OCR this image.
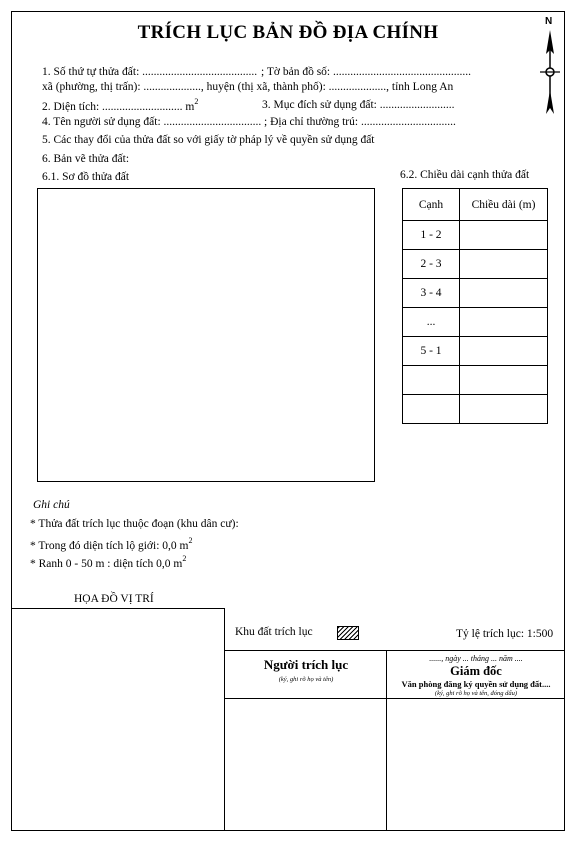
N
TRÍCH LỤC BẢN ĐỒ ĐỊA CHÍNH
1. Số thứ tự thửa đất: ........................................ ; Tờ bản đồ số: ................................................
xã (phường, thị trấn): ...................., huyện (thị xã, thành phố): ...................., tỉnh Long An
2. Diện tích: ............................ $m^2$	3. Mục đích sử dụng đất: ..........................
4. Tên người sử dụng đất: .................................. ; Địa chỉ thường trú: .................................
5. Các thay đổi của thửa đất so với giấy tờ pháp lý về quyền sử dụng đất
6. Bản vẽ thửa đất:
6.1. Sơ đồ thửa đất	6.2. Chiều dài cạnh thửa đất
Cạnh	Chiều dài (m)
1 - 2	
2 - 3	
3 - 4	
...	
5 - 1	

Ghi chú
* Thửa đất trích lục thuộc đoạn (khu dân cư):
* Trong đó diện tích lộ giới: 0,0 $m^2$
* Ranh 0 - 50 m : diện tích 0,0 $m^2$
HỌA ĐỒ VỊ TRÍ
Khu đất trích lục	Tỷ lệ trích lục: 1:500
Người trích lục
(ký, ghi rõ họ và tên)
......, ngày ... tháng ... năm ....
Giám đốc
Văn phòng đăng ký quyền sử dụng đất....
(ký, ghi rõ họ và tên, đóng dấu)
